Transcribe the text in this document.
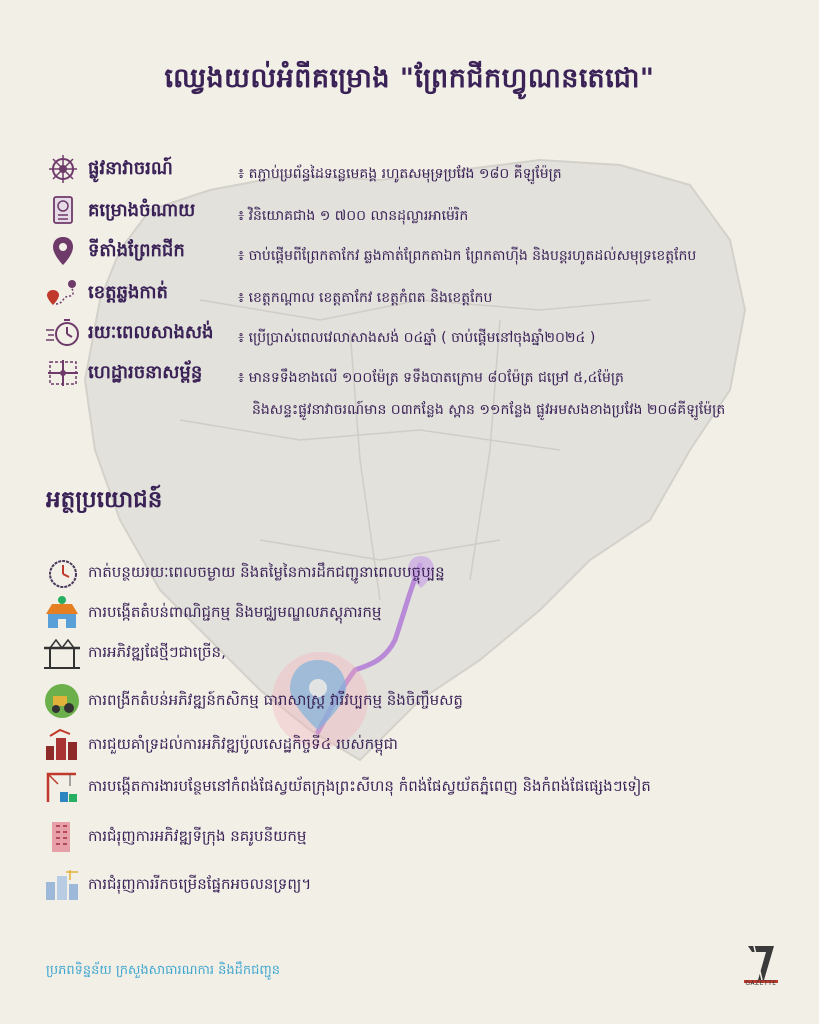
ឈ្វេងយល់អំពីគម្រោង "ព្រែកជីកហ្វូណនតេជោ"
ផ្លូវនាវាចរណ៍	៖ តភ្ជាប់ប្រព័ន្ធដៃទន្លេមេគង្គ រហូតសមុទ្រប្រវែង ១៨០ គីឡូម៉ែត្រ
គម្រោងចំណាយ	៖ វិនិយោគជាង ១ ៧០០ លានដុល្លារអាម៉េរិក
ទីតាំងព្រែកជីក	៖ ចាប់ផ្តើមពីព្រែកតាកែវ ឆ្លងកាត់ព្រែកតាឯក ព្រែកតាហ៊ីង និងបន្តរហូតដល់សមុទ្រខេត្តកែប
ខេត្តឆ្លងកាត់	៖ ខេត្តកណ្តាល ខេត្តតាកែវ ខេត្តកំពត និងខេត្តកែប
រយៈពេលសាងសង់	៖ ប្រើប្រាស់ពេលវេលាសាងសង់ ០៤ឆ្នាំ ( ចាប់ផ្តើមនៅចុងឆ្នាំ២០២៤ )
ហេដ្ឋារចនាសម្ព័ន្ធ	៖ មានទទឹងខាងលើ ១០០ម៉ែត្រ ទទឹងបាតក្រោម ៨០ម៉ែត្រ ជម្រៅ ៥,៤ម៉ែត្រ
និងសន្ទះផ្លូវនាវាចរណ៍មាន ០៣កន្លែង ស្ពាន ១១កន្លែង ផ្លូវអមសងខាងប្រវែង ២០៨គីឡូម៉ែត្រ
អត្ថប្រយោជន៍
កាត់បន្ថយរយៈពេលចម្ងាយ និងតម្លៃនៃការដឹកជញ្ជូនាពេលបច្ចុប្បន្ន
ការបង្កើតតំបន់ពាណិជ្ជកម្ម និងមជ្ឈមណ្ឌលភស្តុភារកម្ម
ការអភិវឌ្ឍផែថ្មីៗជាច្រើន,
ការពង្រីកតំបន់អភិវឌ្ឍន៍កសិកម្ម ធារាសាស្ត្រ វារីវប្បកម្ម និងចិញ្ចឹមសត្វ
ការជួយគាំទ្រដល់ការអភិវឌ្ឍប៉ូលសេដ្ឋកិច្ចទី៤ របស់កម្ពុជា
ការបង្កើតការងារបន្ថែមនៅកំពង់ផែស្វយ័តក្រុងព្រះសីហនុ កំពង់ផែស្វយ័តភ្នំពេញ និងកំពង់ផែផ្សេងៗទៀត
ការជំរុញការអភិវឌ្ឍទីក្រុង នគរូបនីយកម្ម
ការជំរុញការរីកចម្រើនផ្នែកអចលនទ្រព្យ។
ប្រភពទិន្នន័យ ក្រសួងសាធារណការ និងដឹកជញ្ជូន
GAZETTE
